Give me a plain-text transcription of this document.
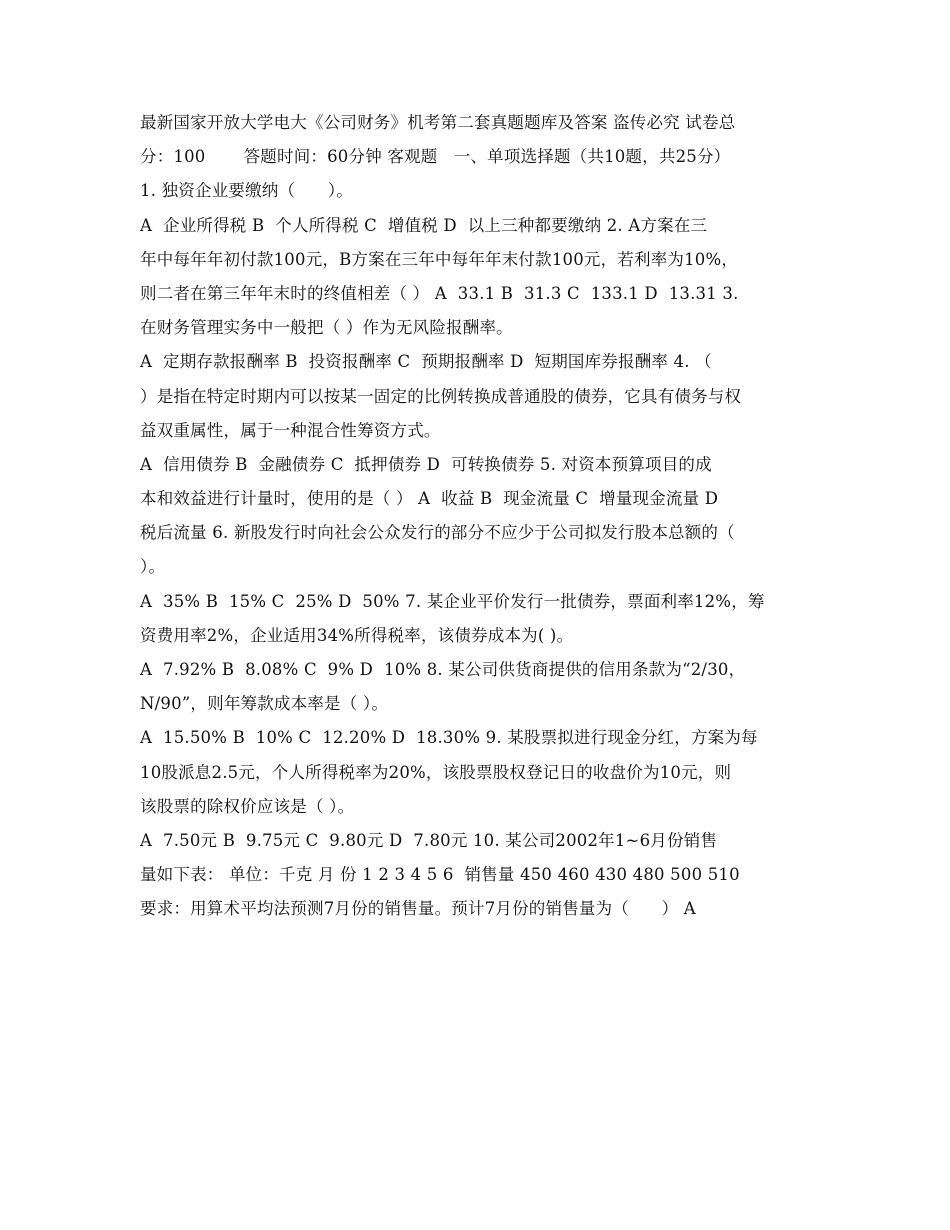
最新国家开放大学电大《公司财务》机考第二套真题题库及答案 盗传必究 试卷总
分：100       答题时间：60分钟 客观题   一、单项选择题（共10题，共25分）
1. 独资企业要缴纳（      ）。
A  企业所得税 B  个人所得税 C  增值税 D  以上三种都要缴纳 2. A方案在三
年中每年年初付款100元，B方案在三年中每年年末付款100元，若利率为10%，
则二者在第三年年末时的终值相差（ ） A  33.1 B  31.3 C  133.1 D  13.31 3.
在财务管理实务中一般把（ ）作为无风险报酬率。
A  定期存款报酬率 B  投资报酬率 C  预期报酬率 D  短期国库券报酬率 4. （
）是指在特定时期内可以按某一固定的比例转换成普通股的债券，它具有债务与权
益双重属性，属于一种混合性筹资方式。
A  信用债券 B  金融债券 C  抵押债券 D  可转换债券 5. 对资本预算项目的成
本和效益进行计量时，使用的是（ ） A  收益 B  现金流量 C  增量现金流量 D
税后流量 6. 新股发行时向社会公众发行的部分不应少于公司拟发行股本总额的（
）。
A  35% B  15% C  25% D  50% 7. 某企业平价发行一批债券，票面利率12%，筹
资费用率2%，企业适用34%所得税率，该债券成本为( )。
A  7.92% B  8.08% C  9% D  10% 8. 某公司供货商提供的信用条款为“2/30，
N/90”，则年筹款成本率是（ ）。
A  15.50% B  10% C  12.20% D  18.30% 9. 某股票拟进行现金分红，方案为每
10股派息2.5元，个人所得税率为20%，该股票股权登记日的收盘价为10元，则
该股票的除权价应该是（ ）。
A  7.50元 B  9.75元 C  9.80元 D  7.80元 10. 某公司2002年1~6月份销售
量如下表： 单位：千克 月 份 1 2 3 4 5 6  销售量 450 460 430 480 500 510
要求：用算术平均法预测7月份的销售量。预计7月份的销售量为（      ） A
